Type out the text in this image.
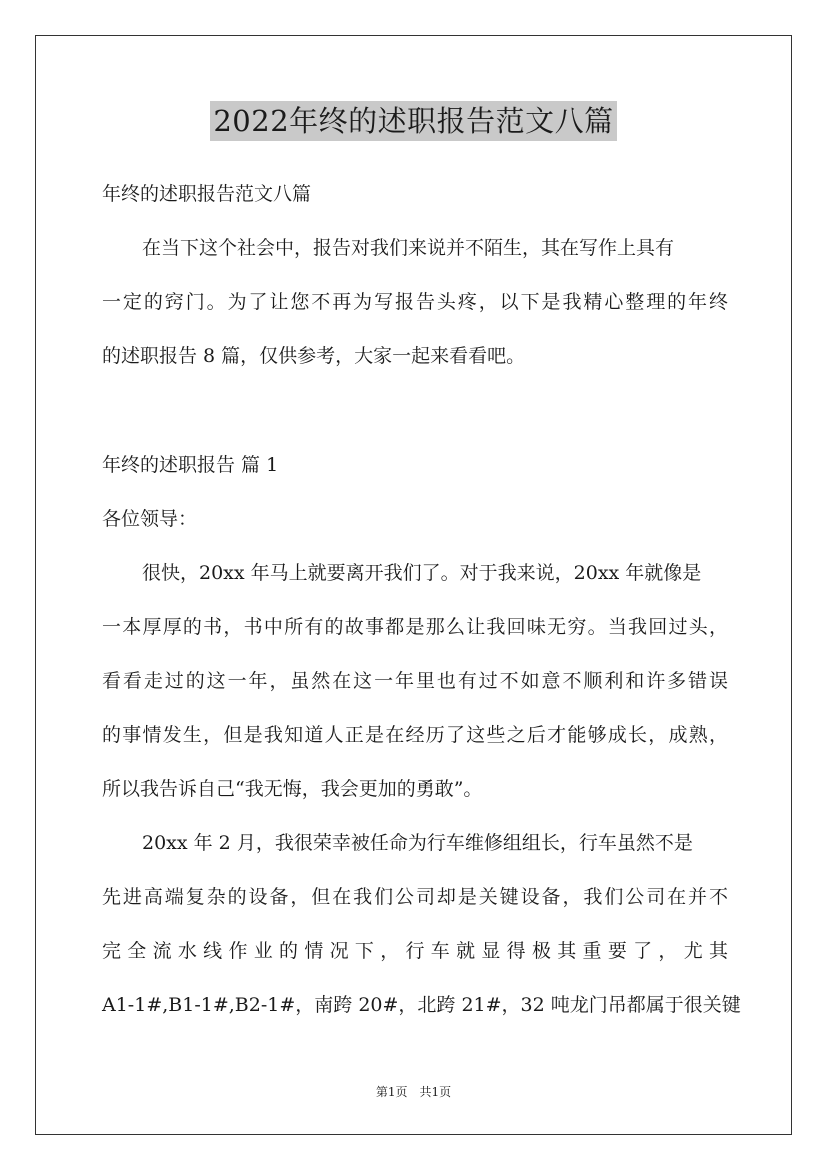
2022年终的述职报告范文八篇
年终的述职报告范文八篇
在当下这个社会中，报告对我们来说并不陌生，其在写作上具有
一定的窍门。为了让您不再为写报告头疼，以下是我精心整理的年终
的述职报告 8 篇，仅供参考，大家一起来看看吧。
年终的述职报告 篇 1
各位领导：
很快，20xx 年马上就要离开我们了。对于我来说，20xx 年就像是
一本厚厚的书，书中所有的故事都是那么让我回味无穷。当我回过头，
看看走过的这一年，虽然在这一年里也有过不如意不顺利和许多错误
的事情发生，但是我知道人正是在经历了这些之后才能够成长，成熟，
所以我告诉自己“我无悔，我会更加的勇敢”。
20xx 年 2 月，我很荣幸被任命为行车维修组组长，行车虽然不是
先进高端复杂的设备，但在我们公司却是关键设备，我们公司在并不
完全流水线作业的情况下，行车就显得极其重要了，尤其
A1-1#,B1-1#,B2-1#，南跨 20#，北跨 21#，32 吨龙门吊都属于很关键
第1页　共1页
